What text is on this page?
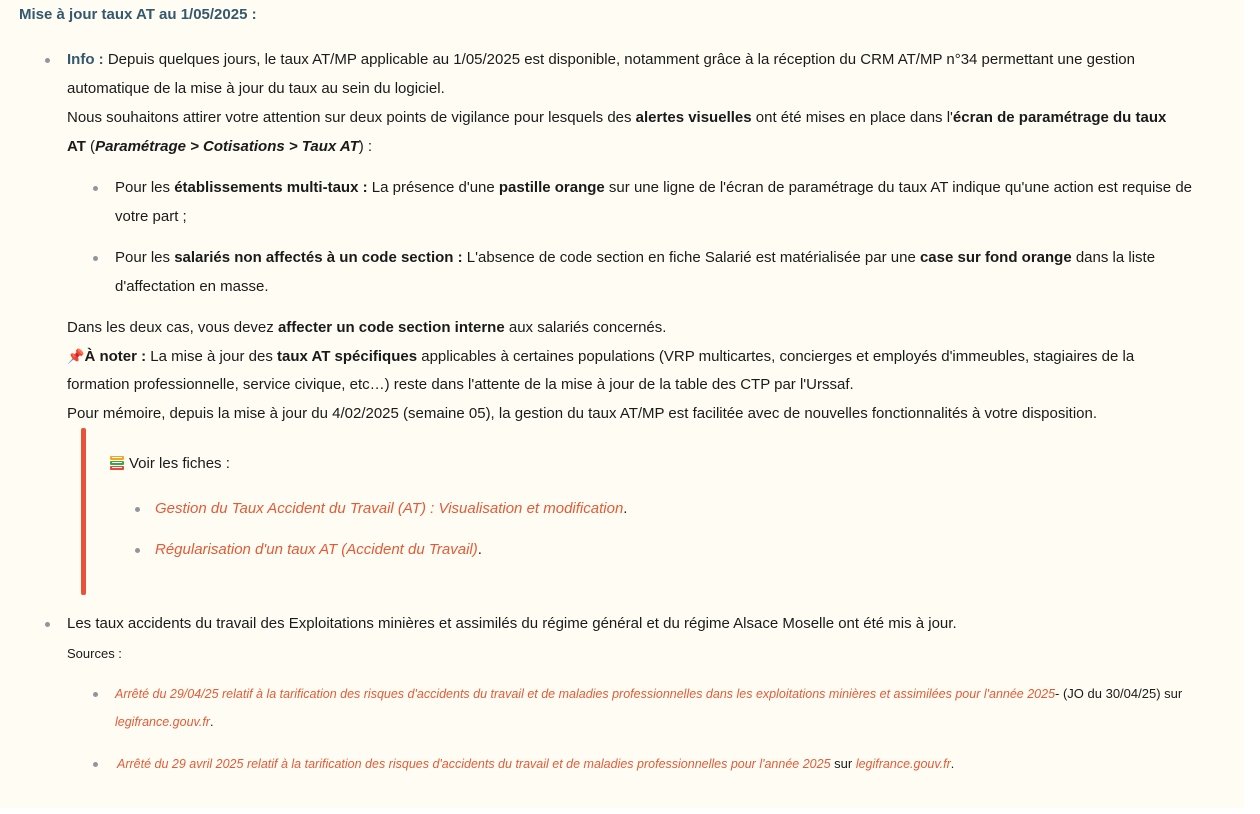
Mise à jour taux AT au 1/05/2025 :
Info : Depuis quelques jours, le taux AT/MP applicable au 1/05/2025 est disponible, notamment grâce à la réception du CRM AT/MP n°34 permettant une gestion
automatique de la mise à jour du taux au sein du logiciel.
Nous souhaitons attirer votre attention sur deux points de vigilance pour lesquels des alertes visuelles ont été mises en place dans l'écran de paramétrage du taux
AT (Paramétrage > Cotisations > Taux AT) :
Pour les établissements multi-taux : La présence d'une pastille orange sur une ligne de l'écran de paramétrage du taux AT indique qu'une action est requise de
votre part ;
Pour les salariés non affectés à un code section : L'absence de code section en fiche Salarié est matérialisée par une case sur fond orange dans la liste
d'affectation en masse.
Dans les deux cas, vous devez affecter un code section interne aux salariés concernés.
📌À noter : La mise à jour des taux AT spécifiques applicables à certaines populations (VRP multicartes, concierges et employés d'immeubles, stagiaires de la
formation professionnelle, service civique, etc…) reste dans l'attente de la mise à jour de la table des CTP par l'Urssaf.
Pour mémoire, depuis la mise à jour du 4/02/2025 (semaine 05), la gestion du taux AT/MP est facilitée avec de nouvelles fonctionnalités à votre disposition.
Voir les fiches :
Gestion du Taux Accident du Travail (AT) : Visualisation et modification.
Régularisation d'un taux AT (Accident du Travail).
Les taux accidents du travail des Exploitations minières et assimilés du régime général et du régime Alsace Moselle ont été mis à jour.
Sources :
Arrêté du 29/04/25 relatif à la tarification des risques d'accidents du travail et de maladies professionnelles dans les exploitations minières et assimilées pour l'année 2025- (JO du 30/04/25) sur
legifrance.gouv.fr.
Arrêté du 29 avril 2025 relatif à la tarification des risques d'accidents du travail et de maladies professionnelles pour l'année 2025 sur legifrance.gouv.fr.
